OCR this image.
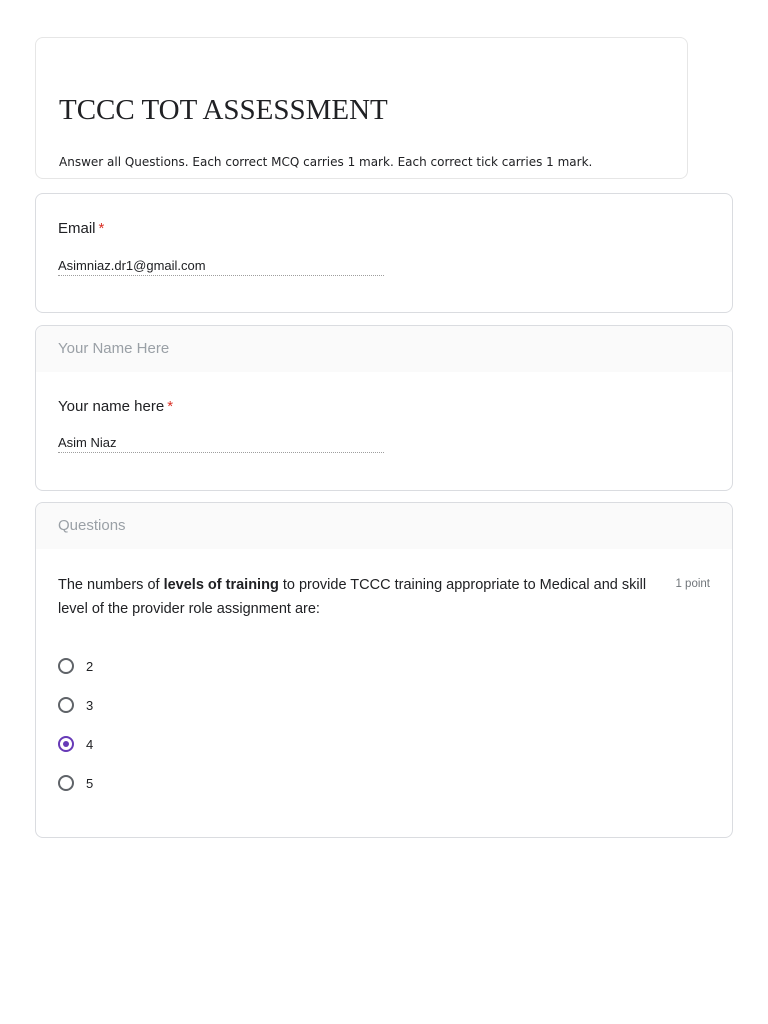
TCCC TOT ASSESSMENT
Answer all Questions. Each correct MCQ carries 1 mark. Each correct tick carries 1 mark.
Email *
Asimniaz.dr1@gmail.com
Your Name Here
Your name here *
Asim Niaz
Questions
The numbers of levels of training to provide TCCC training appropriate to Medical and skill level of the provider role assignment are:
1 point
2
3
4
5
